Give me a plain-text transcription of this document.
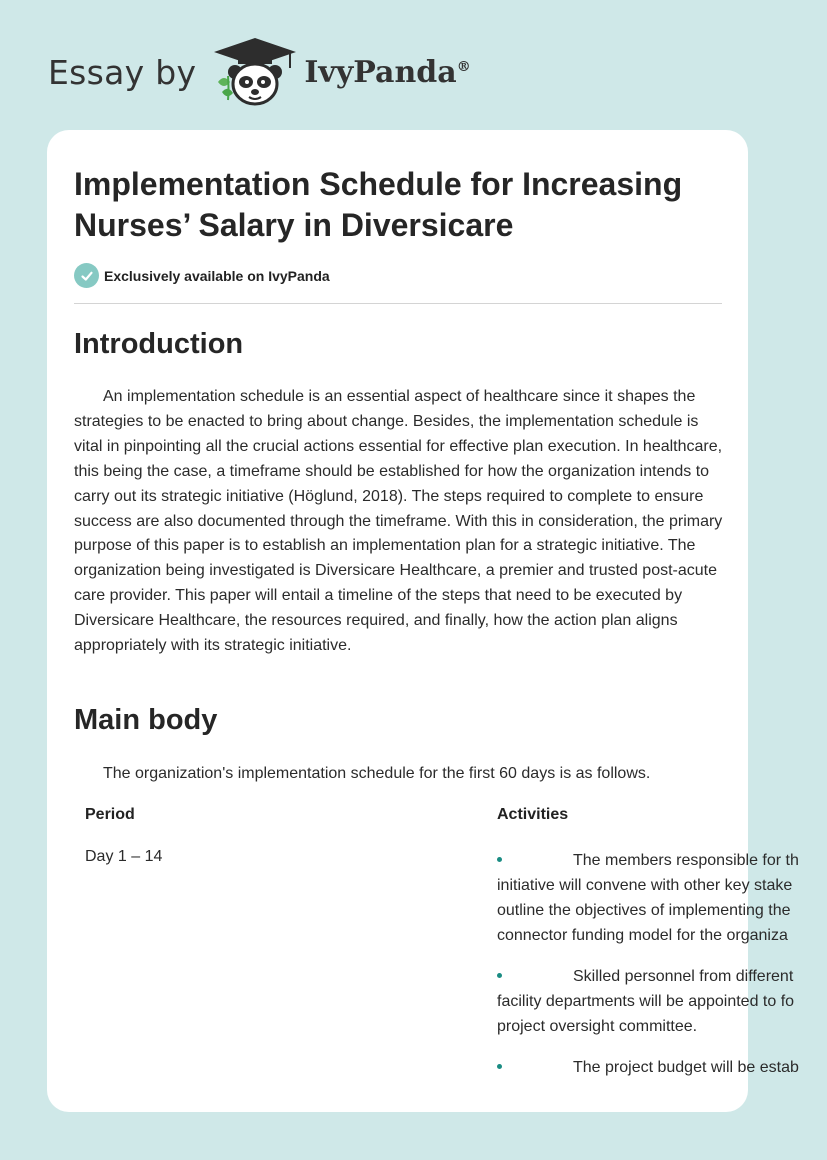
Essay by	IvyPanda®
Implementation Schedule for Increasing Nurses’ Salary in Diversicare
Exclusively available on IvyPanda
Introduction

An implementation schedule is an essential aspect of healthcare since it shapes the strategies to be enacted to bring about change. Besides, the implementation schedule is vital in pinpointing all the crucial actions essential for effective plan execution. In healthcare, this being the case, a timeframe should be established for how the organization intends to carry out its strategic initiative (Höglund, 2018). The steps required to complete to ensure success are also documented through the timeframe. With this in consideration, the primary purpose of this paper is to establish an implementation plan for a strategic initiative. The organization being investigated is Diversicare Healthcare, a premier and trusted post-acute care provider. This paper will entail a timeline of the steps that need to be executed by Diversicare Healthcare, the resources required, and finally, how the action plan aligns appropriately with its strategic initiative.

Main body

The organization's implementation schedule for the first 60 days is as follows.

Period	Activities
Day 1 – 14	The members responsible for th
initiative will convene with other key stake
outline the objectives of implementing the
connector funding model for the organiza
Skilled personnel from different
facility departments will be appointed to fo
project oversight committee.
The project budget will be estab
